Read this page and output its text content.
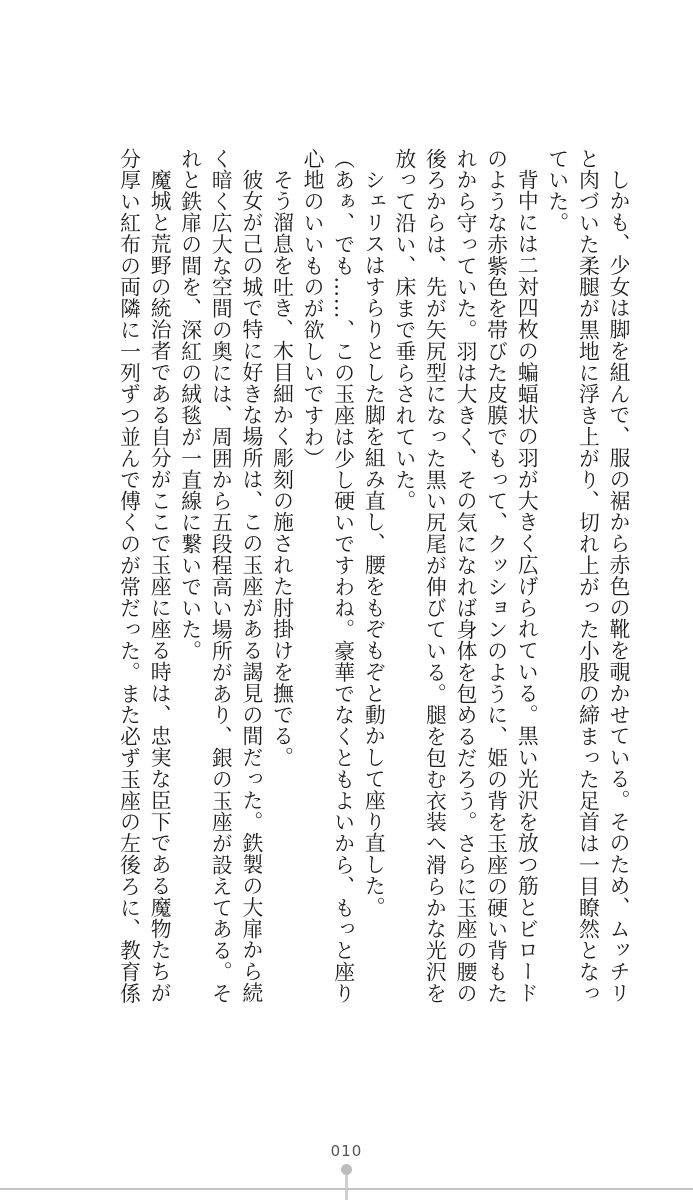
しかも、少女は脚を組んで、服の裾から赤色の靴を覗かせている。そのため、ムッチリ
と肉づいた柔腿が黒地に浮き上がり、切れ上がった小股の締まった足首は一目瞭然となっ
ていた。
背中には二対四枚の蝙蝠状の羽が大きく広げられている。黒い光沢を放つ筋とビロード
のような赤紫色を帯びた皮膜でもって、クッションのように、姫の背を玉座の硬い背もた
れから守っていた。羽は大きく、その気になれば身体を包めるだろう。さらに玉座の腰の
後ろからは、先が矢尻型になった黒い尻尾が伸びている。腿を包む衣装へ滑らかな光沢を
放って沿い、床まで垂らされていた。
シェリスはすらりとした脚を組み直し、腰をもぞもぞと動かして座り直した。
（あぁ、でも……、この玉座は少し硬いですわね。豪華でなくともよいから、もっと座り
心地のいいものが欲しいですわ）
そう溜息を吐き、木目細かく彫刻の施された肘掛けを撫でる。
彼女が己の城で特に好きな場所は、この玉座がある謁見の間だった。鉄製の大扉から続
く暗く広大な空間の奥には、周囲から五段程高い場所があり、銀の玉座が設えてある。そ
れと鉄扉の間を、深紅の絨毯が一直線に繋いでいた。
魔城と荒野の統治者である自分がここで玉座に座る時は、忠実な臣下である魔物たちが
分厚い紅布の両隣に一列ずつ並んで傅くのが常だった。また必ず玉座の左後ろに、教育係
010
